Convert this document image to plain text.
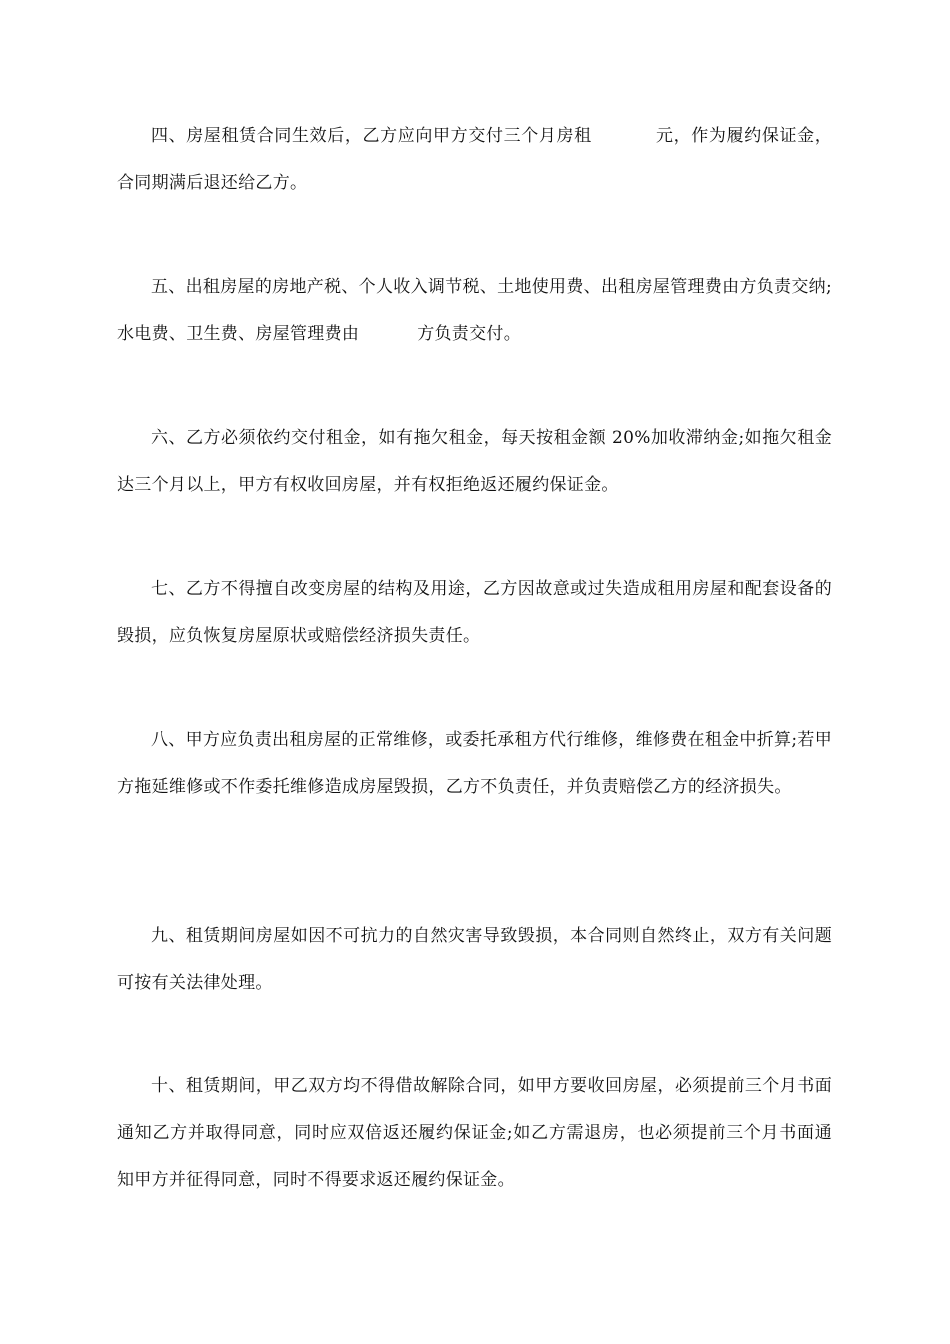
四、房屋租赁合同生效后，乙方应向甲方交付三个月房租	元，作为履约保证金，合同期满后退还给乙方。

五、出租房屋的房地产税、个人收入调节税、土地使用费、出租房屋管理费由方负责交纳;水电费、卫生费、房屋管理费由	方负责交付。

六、乙方必须依约交付租金，如有拖欠租金，每天按租金额 20%加收滞纳金;如拖欠租金达三个月以上，甲方有权收回房屋，并有权拒绝返还履约保证金。

七、乙方不得擅自改变房屋的结构及用途，乙方因故意或过失造成租用房屋和配套设备的毁损，应负恢复房屋原状或赔偿经济损失责任。

八、甲方应负责出租房屋的正常维修，或委托承租方代行维修，维修费在租金中折算;若甲方拖延维修或不作委托维修造成房屋毁损，乙方不负责任，并负责赔偿乙方的经济损失。

九、租赁期间房屋如因不可抗力的自然灾害导致毁损，本合同则自然终止，双方有关问题可按有关法律处理。

十、租赁期间，甲乙双方均不得借故解除合同，如甲方要收回房屋，必须提前三个月书面通知乙方并取得同意，同时应双倍返还履约保证金;如乙方需退房，也必须提前三个月书面通知甲方并征得同意，同时不得要求返还履约保证金。
